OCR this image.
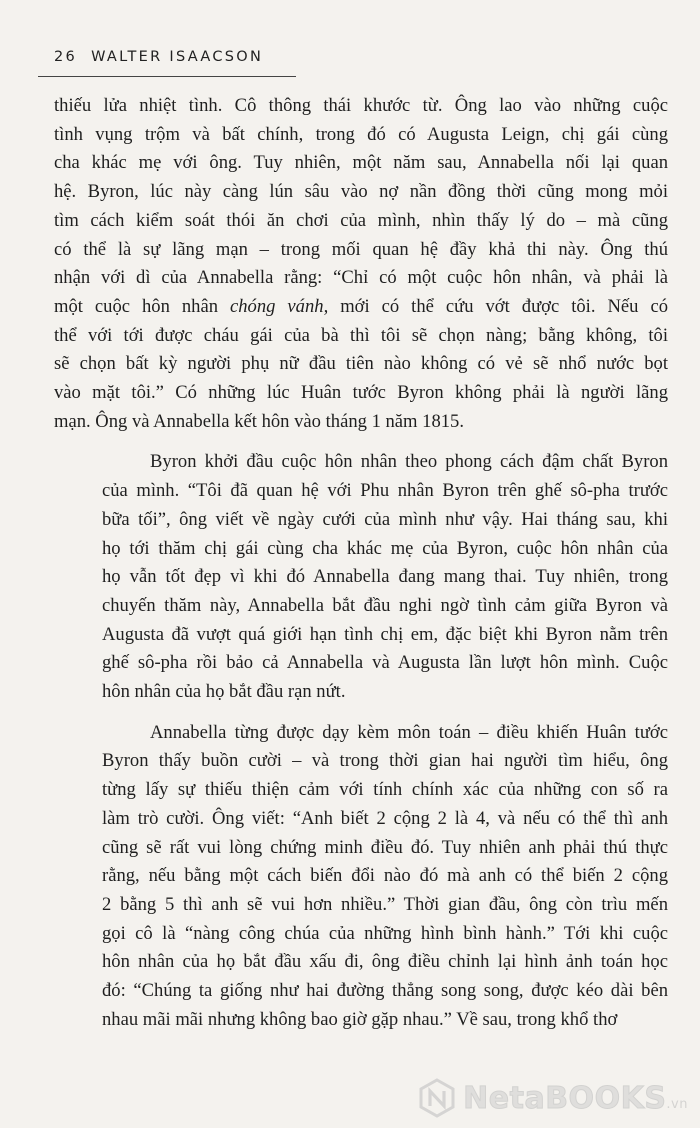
26 WALTER ISAACSON

thiếu lửa nhiệt tình. Cô thông thái khước từ. Ông lao vào những cuộc
tình vụng trộm và bất chính, trong đó có Augusta Leign, chị gái cùng
cha khác mẹ với ông. Tuy nhiên, một năm sau, Annabella nối lại quan
hệ. Byron, lúc này càng lún sâu vào nợ nần đồng thời cũng mong mỏi
tìm cách kiểm soát thói ăn chơi của mình, nhìn thấy lý do – mà cũng
có thể là sự lãng mạn – trong mối quan hệ đầy khả thi này. Ông thú
nhận với dì của Annabella rằng: “Chỉ có một cuộc hôn nhân, và phải là
một cuộc hôn nhân chóng vánh, mới có thể cứu vớt được tôi. Nếu có
thể với tới được cháu gái của bà thì tôi sẽ chọn nàng; bằng không, tôi
sẽ chọn bất kỳ người phụ nữ đầu tiên nào không có vẻ sẽ nhổ nước bọt
vào mặt tôi.” Có những lúc Huân tước Byron không phải là người lãng
mạn. Ông và Annabella kết hôn vào tháng 1 năm 1815.

Byron khởi đầu cuộc hôn nhân theo phong cách đậm chất Byron
của mình. “Tôi đã quan hệ với Phu nhân Byron trên ghế sô-pha trước
bữa tối”, ông viết về ngày cưới của mình như vậy. Hai tháng sau, khi
họ tới thăm chị gái cùng cha khác mẹ của Byron, cuộc hôn nhân của
họ vẫn tốt đẹp vì khi đó Annabella đang mang thai. Tuy nhiên, trong
chuyến thăm này, Annabella bắt đầu nghi ngờ tình cảm giữa Byron và
Augusta đã vượt quá giới hạn tình chị em, đặc biệt khi Byron nằm trên
ghế sô-pha rồi bảo cả Annabella và Augusta lần lượt hôn mình. Cuộc
hôn nhân của họ bắt đầu rạn nứt.

Annabella từng được dạy kèm môn toán – điều khiến Huân tước
Byron thấy buồn cười – và trong thời gian hai người tìm hiểu, ông
từng lấy sự thiếu thiện cảm với tính chính xác của những con số ra
làm trò cười. Ông viết: “Anh biết 2 cộng 2 là 4, và nếu có thể thì anh
cũng sẽ rất vui lòng chứng minh điều đó. Tuy nhiên anh phải thú thực
rằng, nếu bằng một cách biến đổi nào đó mà anh có thể biến 2 cộng
2 bằng 5 thì anh sẽ vui hơn nhiều.” Thời gian đầu, ông còn trìu mến
gọi cô là “nàng công chúa của những hình bình hành.” Tới khi cuộc
hôn nhân của họ bắt đầu xấu đi, ông điều chỉnh lại hình ảnh toán học
đó: “Chúng ta giống như hai đường thẳng song song, được kéo dài bên
nhau mãi mãi nhưng không bao giờ gặp nhau.” Về sau, trong khổ thơ

NetaBOOKS.vn
